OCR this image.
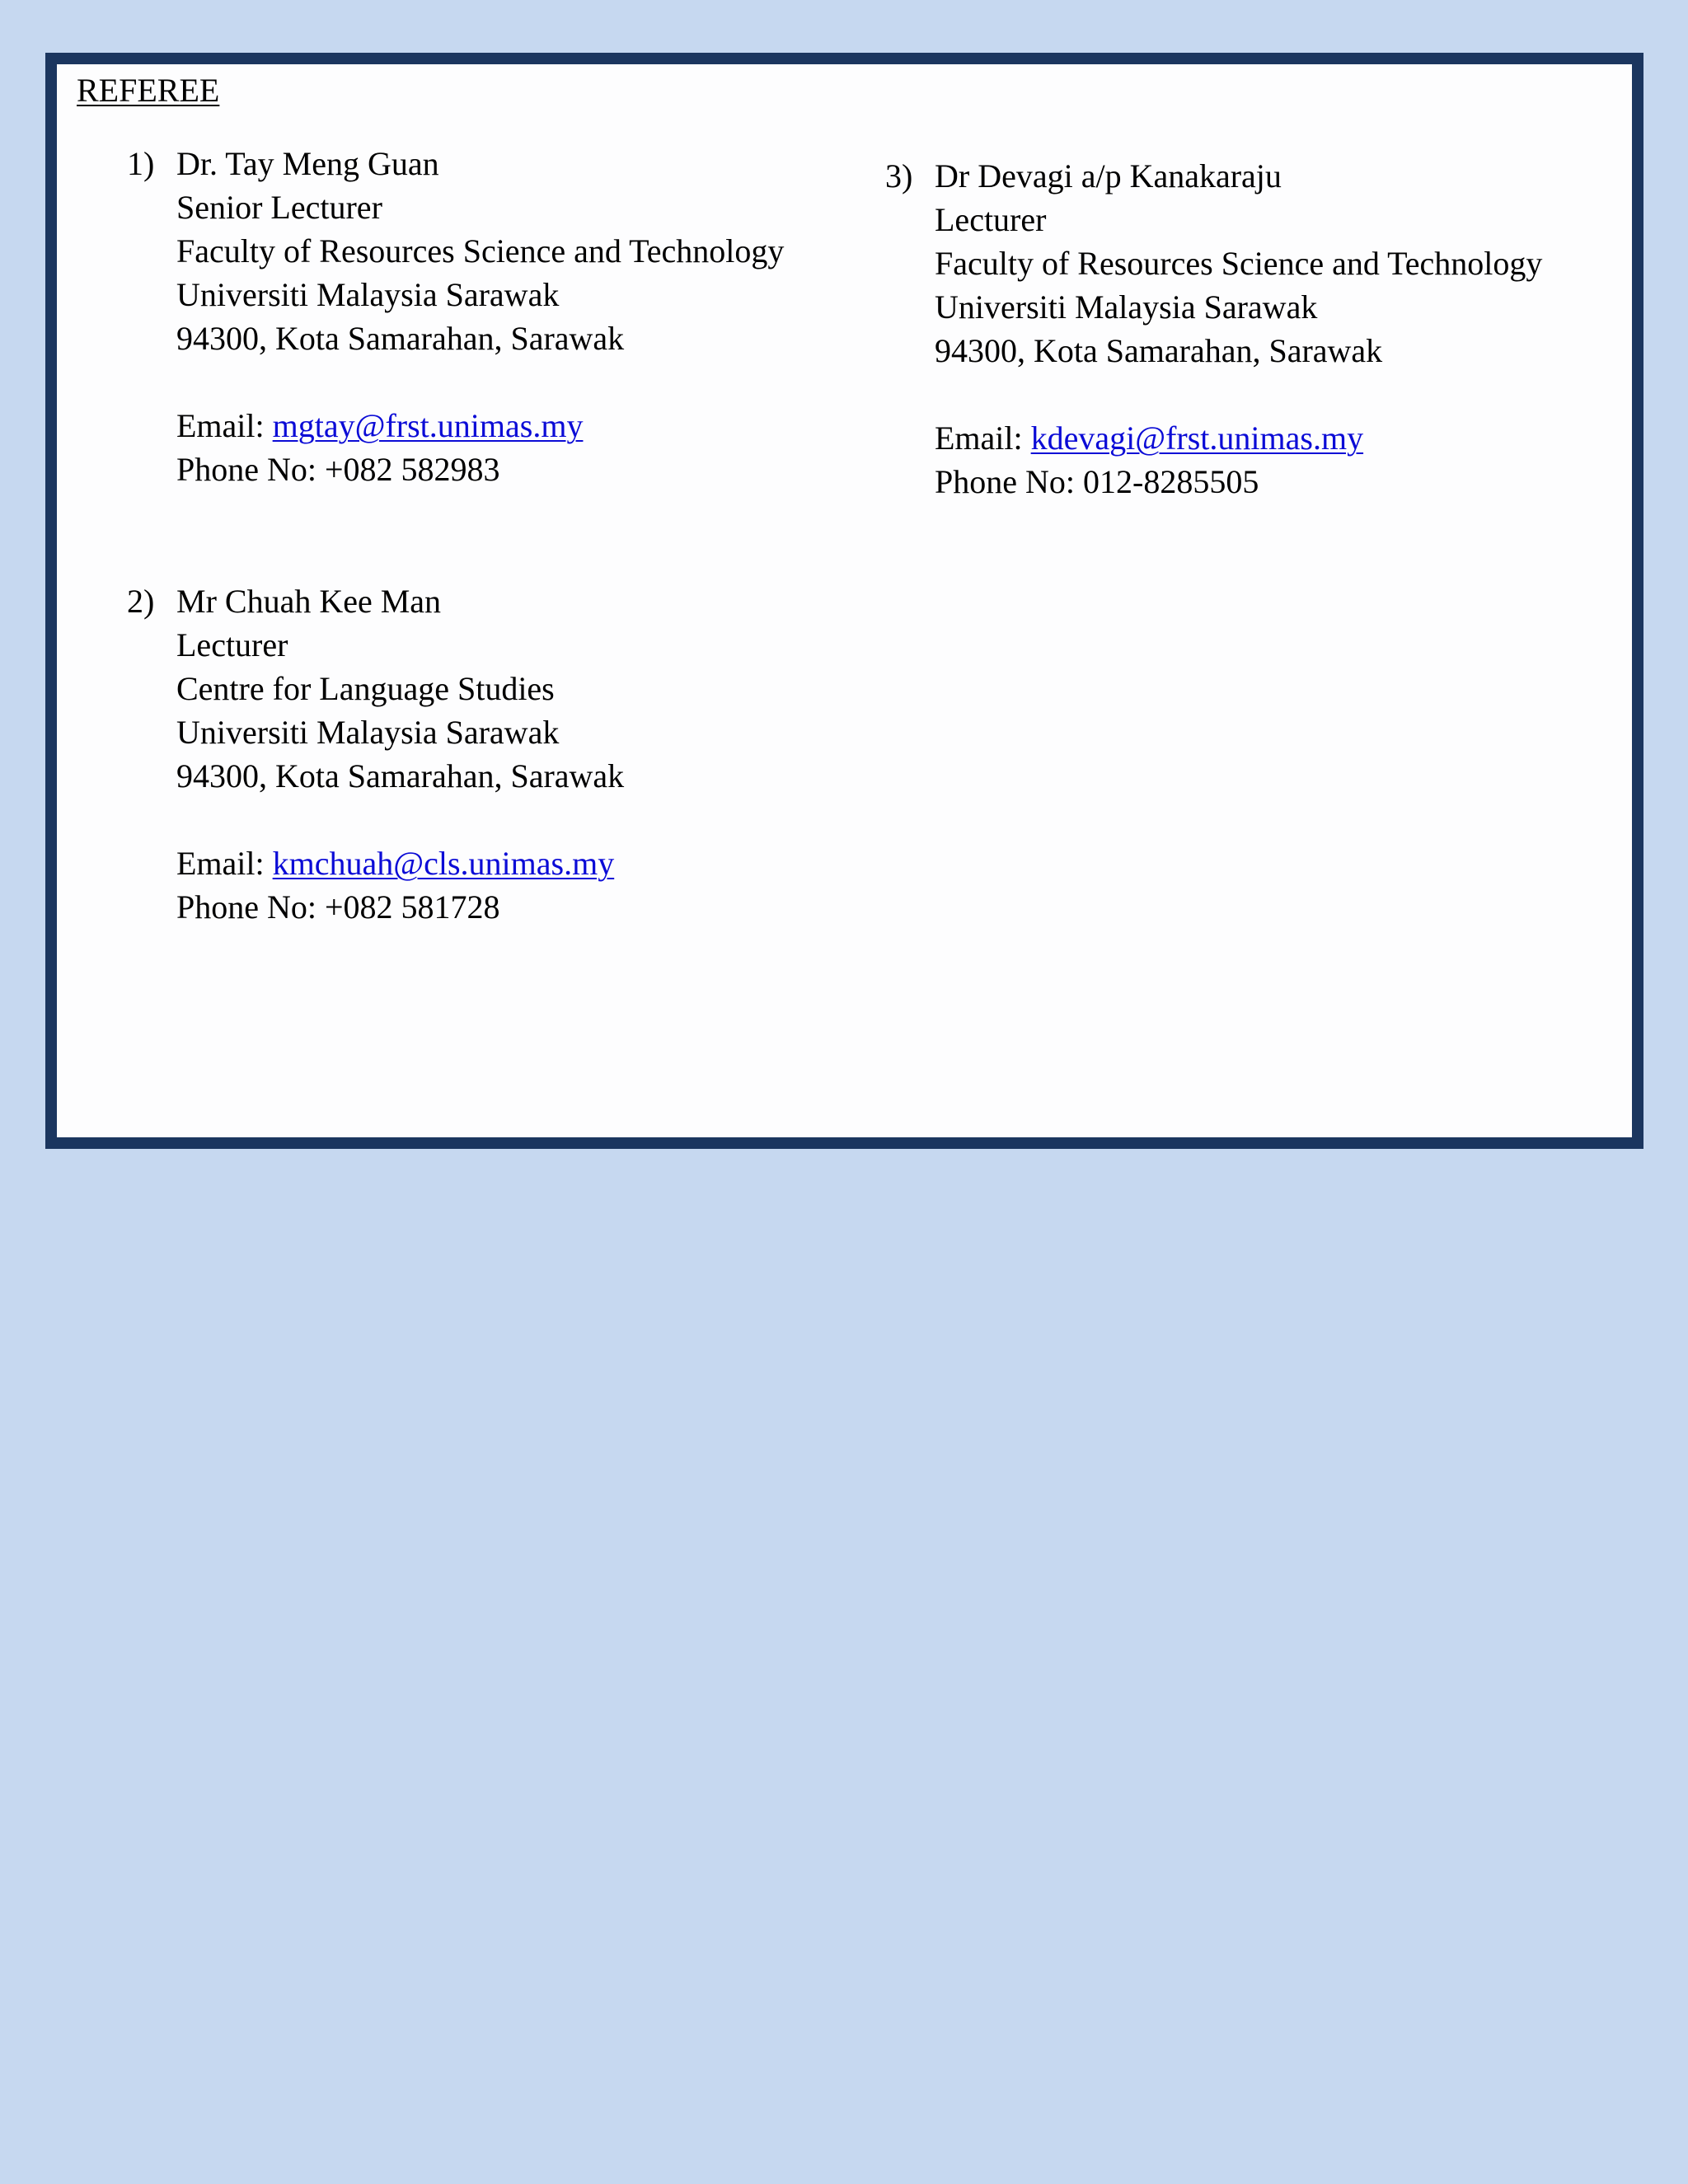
REFEREE
1) Dr. Tay Meng Guan
Senior Lecturer
Faculty of Resources Science and Technology
Universiti Malaysia Sarawak
94300, Kota Samarahan, Sarawak
Email: mgtay@frst.unimas.my
Phone No: +082 582983
2) Mr Chuah Kee Man
Lecturer
Centre for Language Studies
Universiti Malaysia Sarawak
94300, Kota Samarahan, Sarawak
Email: kmchuah@cls.unimas.my
Phone No: +082 581728
3) Dr Devagi a/p Kanakaraju
Lecturer
Faculty of Resources Science and Technology
Universiti Malaysia Sarawak
94300, Kota Samarahan, Sarawak
Email: kdevagi@frst.unimas.my
Phone No: 012-8285505
